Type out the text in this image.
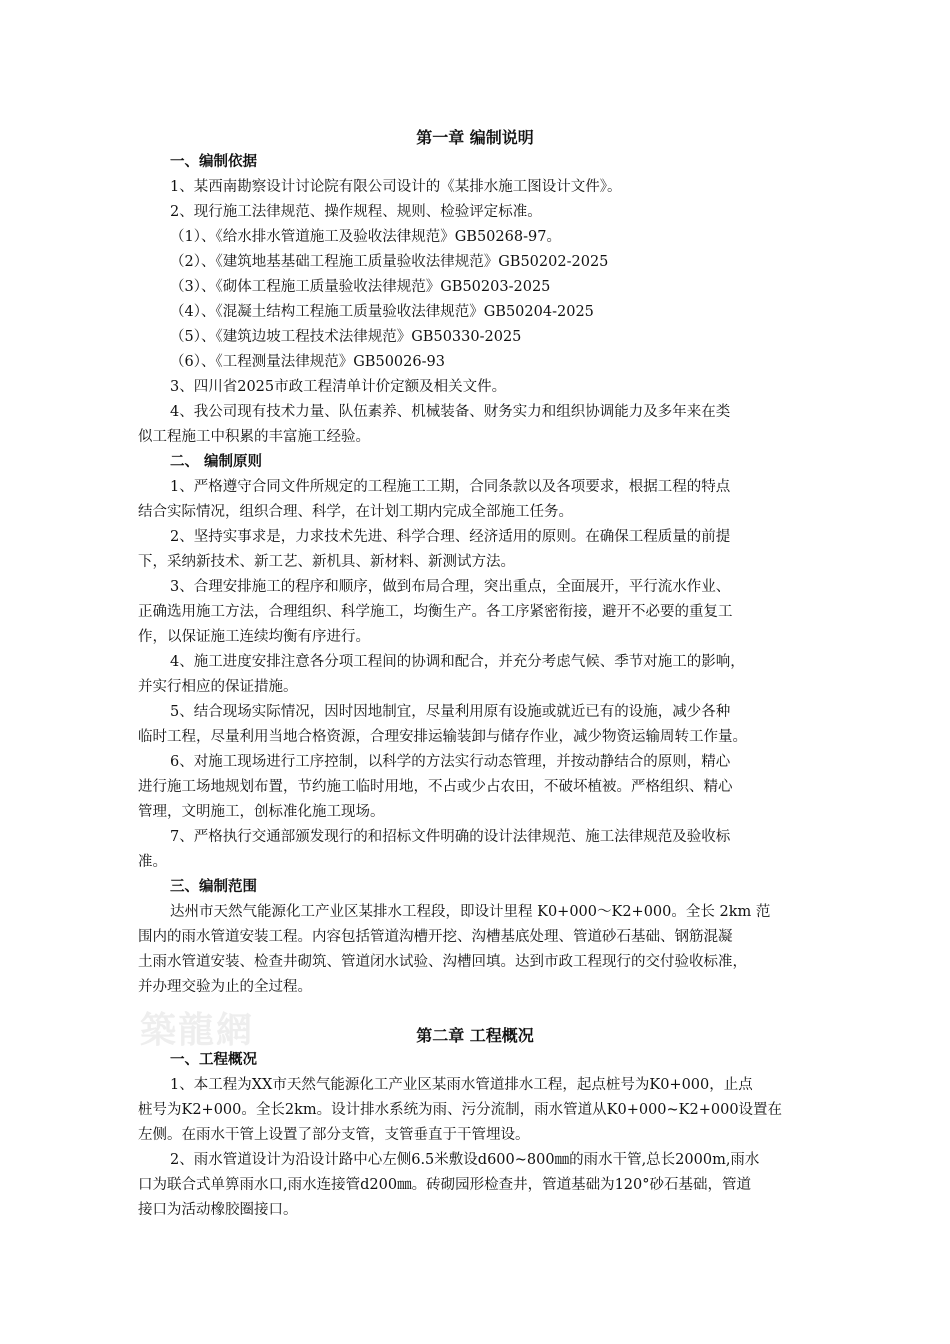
築龍網
第一章 编制说明
一、编制依据
1、某西南勘察设计讨论院有限公司设计的《某排水施工图设计文件》。
2、现行施工法律规范、操作规程、规则、检验评定标准。
（1）、《给水排水管道施工及验收法律规范》GB50268-97。
（2）、《建筑地基基础工程施工质量验收法律规范》GB50202-2025
（3）、《砌体工程施工质量验收法律规范》GB50203-2025
（4）、《混凝土结构工程施工质量验收法律规范》GB50204-2025
（5）、《建筑边坡工程技术法律规范》GB50330-2025
（6）、《工程测量法律规范》GB50026-93
3、四川省2025市政工程清单计价定额及相关文件。
4、我公司现有技术力量、队伍素养、机械装备、财务实力和组织协调能力及多年来在类
似工程施工中积累的丰富施工经验。
二、 编制原则
1、严格遵守合同文件所规定的工程施工工期，合同条款以及各项要求，根据工程的特点
结合实际情况，组织合理、科学，在计划工期内完成全部施工任务。
2、坚持实事求是，力求技术先进、科学合理、经济适用的原则。在确保工程质量的前提
下，采纳新技术、新工艺、新机具、新材料、新测试方法。
3、合理安排施工的程序和顺序，做到布局合理，突出重点，全面展开，平行流水作业、
正确选用施工方法，合理组织、科学施工，均衡生产。各工序紧密衔接，避开不必要的重复工
作，以保证施工连续均衡有序进行。
4、施工进度安排注意各分项工程间的协调和配合，并充分考虑气候、季节对施工的影响，
并实行相应的保证措施。
5、结合现场实际情况，因时因地制宜，尽量利用原有设施或就近已有的设施，减少各种
临时工程，尽量利用当地合格资源，合理安排运输装卸与储存作业，减少物资运输周转工作量。
6、对施工现场进行工序控制，以科学的方法实行动态管理，并按动静结合的原则，精心
进行施工场地规划布置，节约施工临时用地，不占或少占农田，不破坏植被。严格组织、精心
管理，文明施工，创标准化施工现场。
7、严格执行交通部颁发现行的和招标文件明确的设计法律规范、施工法律规范及验收标
准。
三、编制范围
达州市天然气能源化工产业区某排水工程段，即设计里程 K0+000～K2+000。全长 2km 范
围内的雨水管道安装工程。内容包括管道沟槽开挖、沟槽基底处理、管道砂石基础、钢筋混凝
土雨水管道安装、检查井砌筑、管道闭水试验、沟槽回填。达到市政工程现行的交付验收标准，
并办理交验为止的全过程。
第二章 工程概况
一、工程概况
1、本工程为XX市天然气能源化工产业区某雨水管道排水工程，起点桩号为K0+000，止点
桩号为K2+000。全长2km。设计排水系统为雨、污分流制，雨水管道从K0+000~K2+000设置在
左侧。在雨水干管上设置了部分支管，支管垂直于干管埋设。
2、雨水管道设计为沿设计路中心左侧6.5米敷设d600~800㎜的雨水干管,总长2000m,雨水
口为联合式单箅雨水口,雨水连接管d200㎜。砖砌园形检查井，管道基础为120°砂石基础，管道
接口为活动橡胶圈接口。
